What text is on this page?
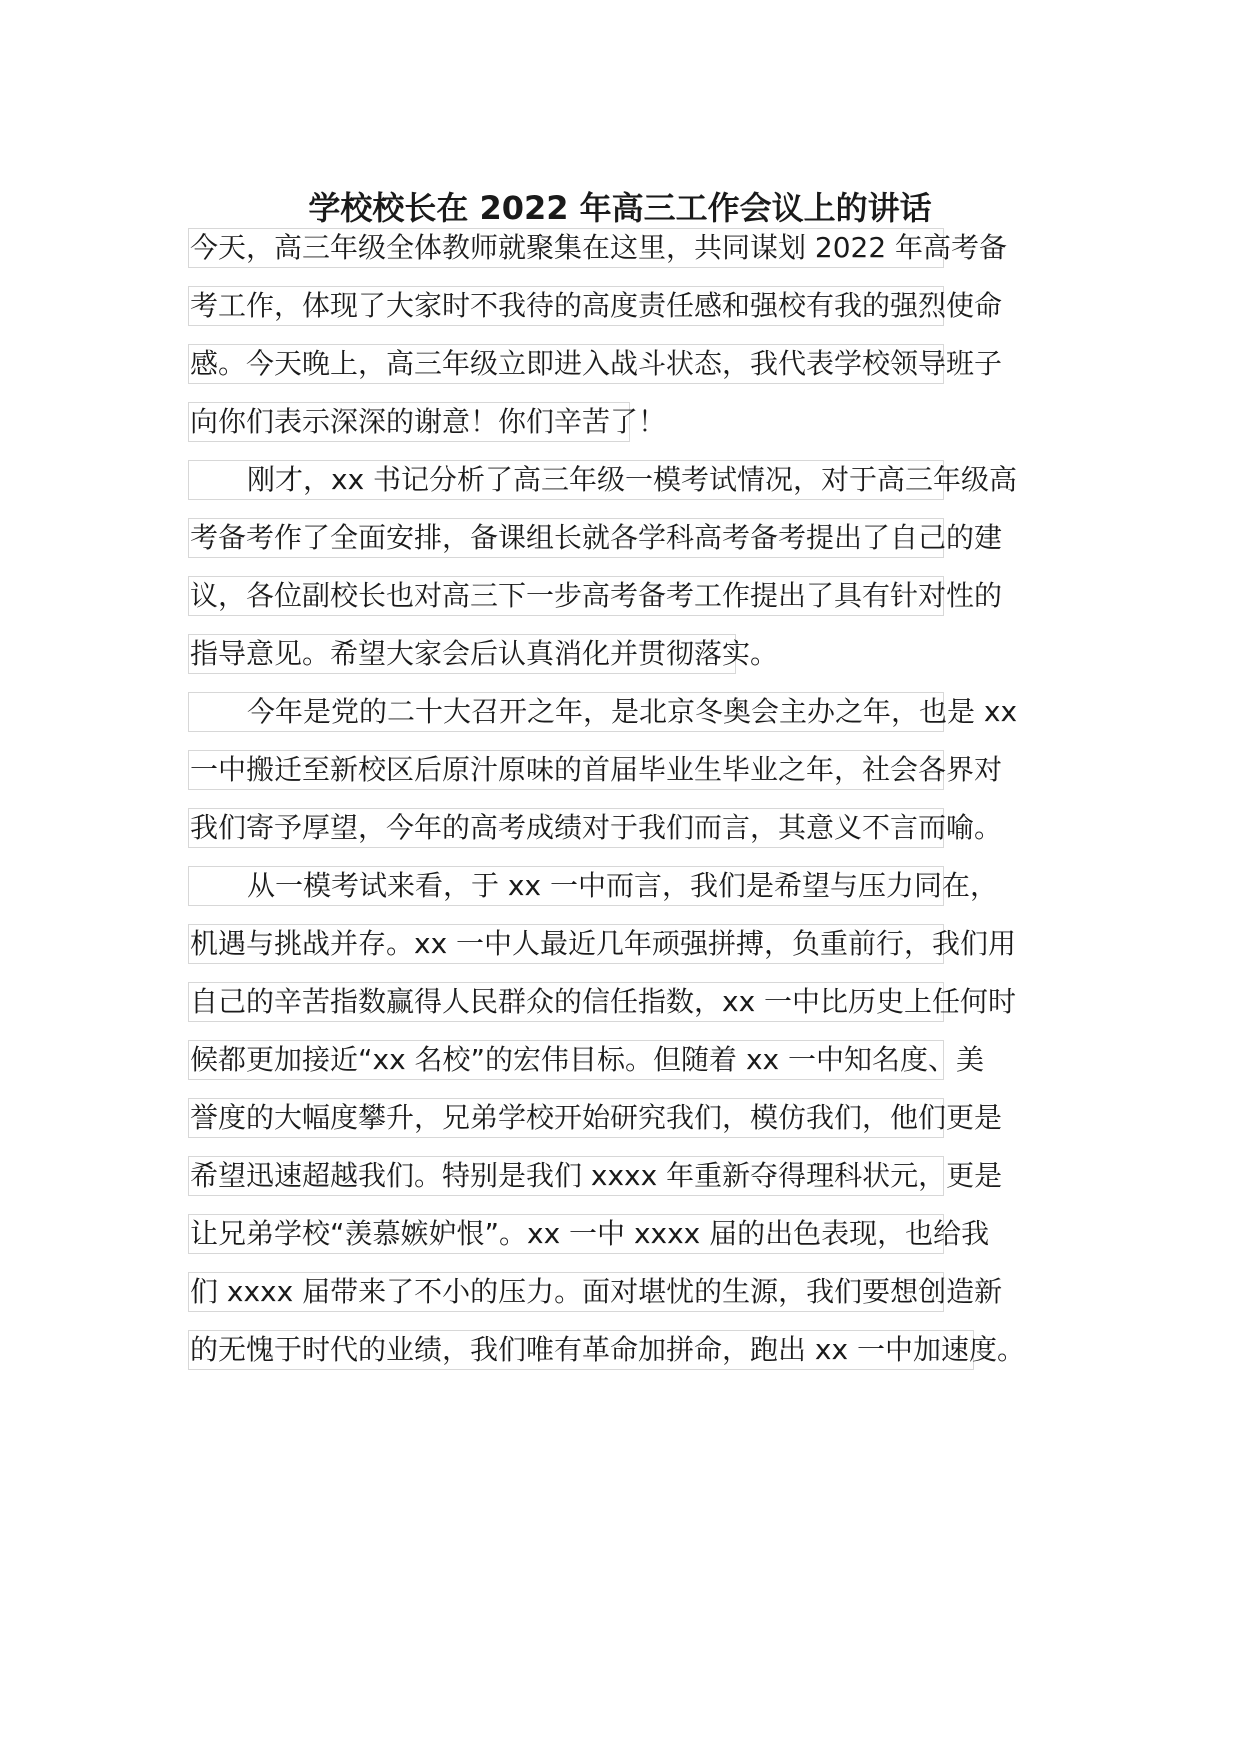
学校校长在 2022 年高三工作会议上的讲话
今天，高三年级全体教师就聚集在这里，共同谋划 2022 年高考备
考工作，体现了大家时不我待的高度责任感和强校有我的强烈使命
感。今天晚上，高三年级立即进入战斗状态，我代表学校领导班子
向你们表示深深的谢意！你们辛苦了！
刚才，xx 书记分析了高三年级一模考试情况，对于高三年级高
考备考作了全面安排，备课组长就各学科高考备考提出了自己的建
议，各位副校长也对高三下一步高考备考工作提出了具有针对性的
指导意见。希望大家会后认真消化并贯彻落实。
今年是党的二十大召开之年，是北京冬奥会主办之年，也是 xx
一中搬迁至新校区后原汁原味的首届毕业生毕业之年，社会各界对
我们寄予厚望，今年的高考成绩对于我们而言，其意义不言而喻。
从一模考试来看，于 xx 一中而言，我们是希望与压力同在，
机遇与挑战并存。xx 一中人最近几年顽强拼搏，负重前行，我们用
自己的辛苦指数赢得人民群众的信任指数，xx 一中比历史上任何时
候都更加接近“xx 名校”的宏伟目标。但随着 xx 一中知名度、美
誉度的大幅度攀升，兄弟学校开始研究我们，模仿我们，他们更是
希望迅速超越我们。特别是我们 xxxx 年重新夺得理科状元，更是
让兄弟学校“羡慕嫉妒恨”。xx 一中 xxxx 届的出色表现，也给我
们 xxxx 届带来了不小的压力。面对堪忧的生源，我们要想创造新
的无愧于时代的业绩，我们唯有革命加拼命，跑出 xx 一中加速度。
